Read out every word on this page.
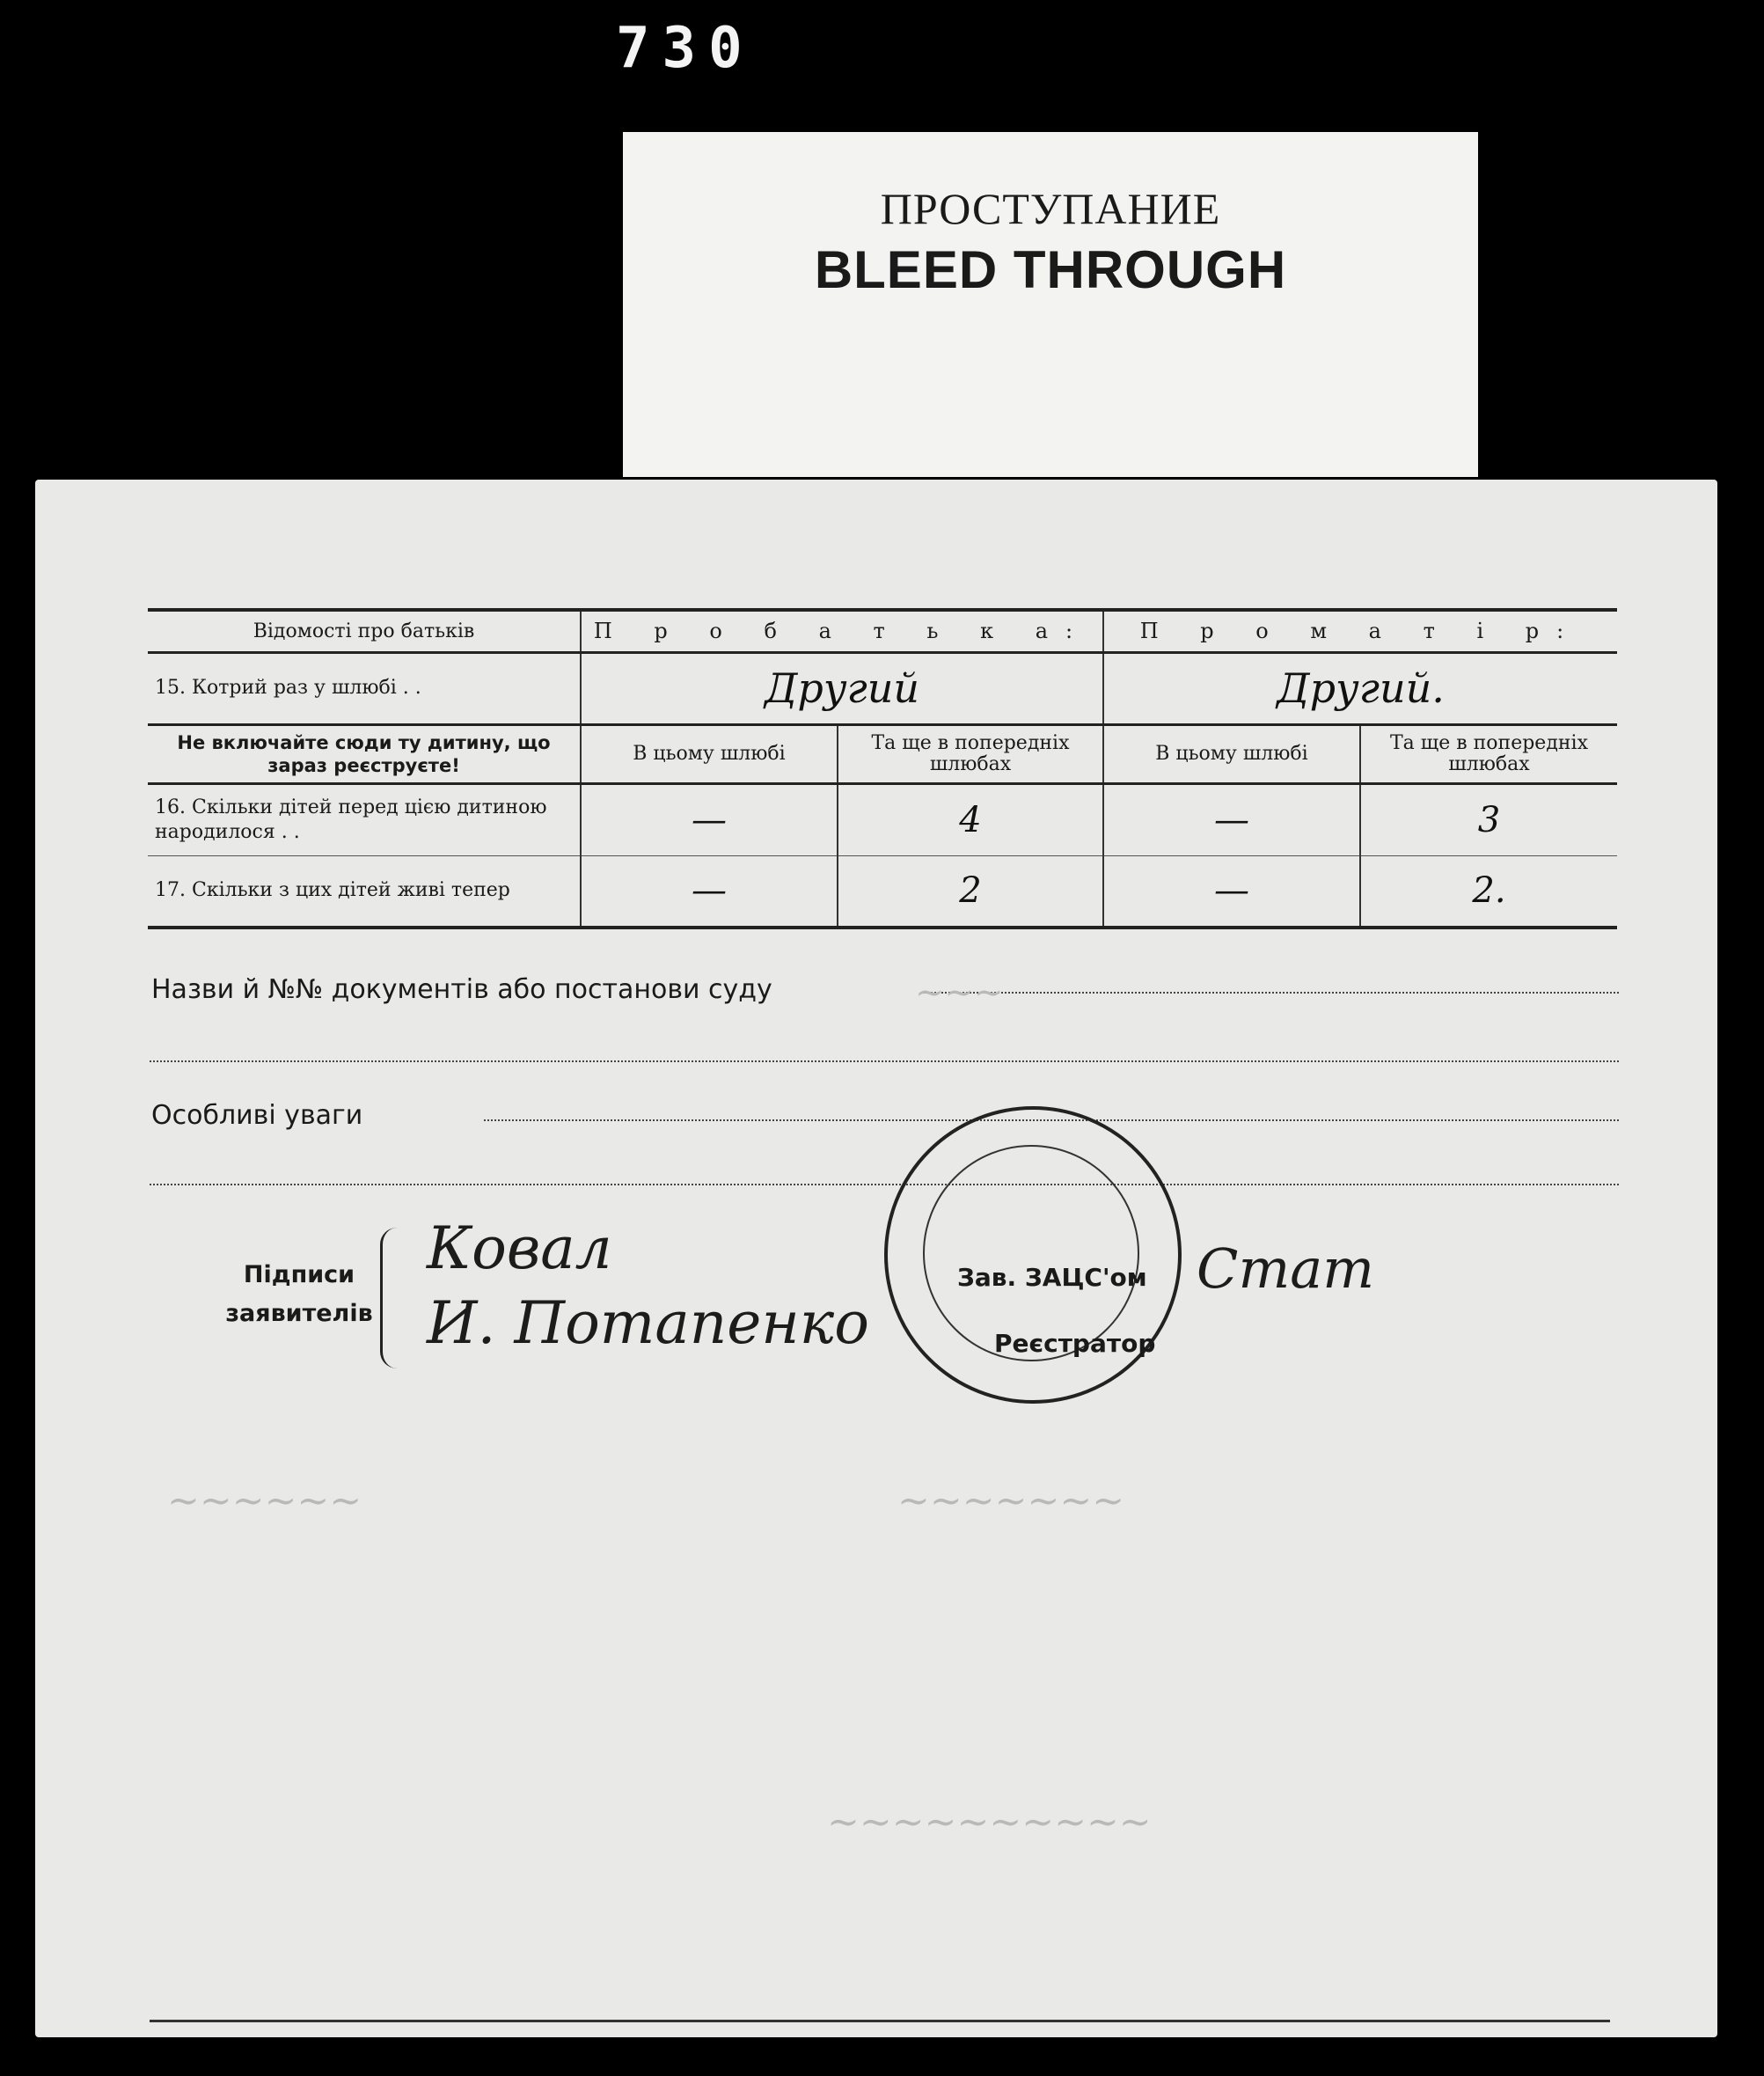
730
ПРОСТУПАНИЕ
BLEED THROUGH
Відомості про батьків	П р о б а т ь к а:		П р о м а т і р:	
15. Котрий раз у шлюбі . .	Другий		Другий.	
Не включайте сюди ту дитину, що зараз реєструєте!	В цьому шлюбі	Та ще в попередніх шлюбах	В цьому шлюбі	Та ще в попередніх шлюбах
16. Скільки дітей перед цією дитиною народилося . .	—	4	—	3
17. Скільки з цих дітей живі тепер	—	2	—	2.
Назви й №№ документів або постанови суду
Особливі уваги
Підписи
заявителів
Ковал
И. Потапенко
Зав. ЗАЦС'ом
Реєстратор
Стат
~~~
~~~~~~	~~~~~~~
~~~~~~~~~~
